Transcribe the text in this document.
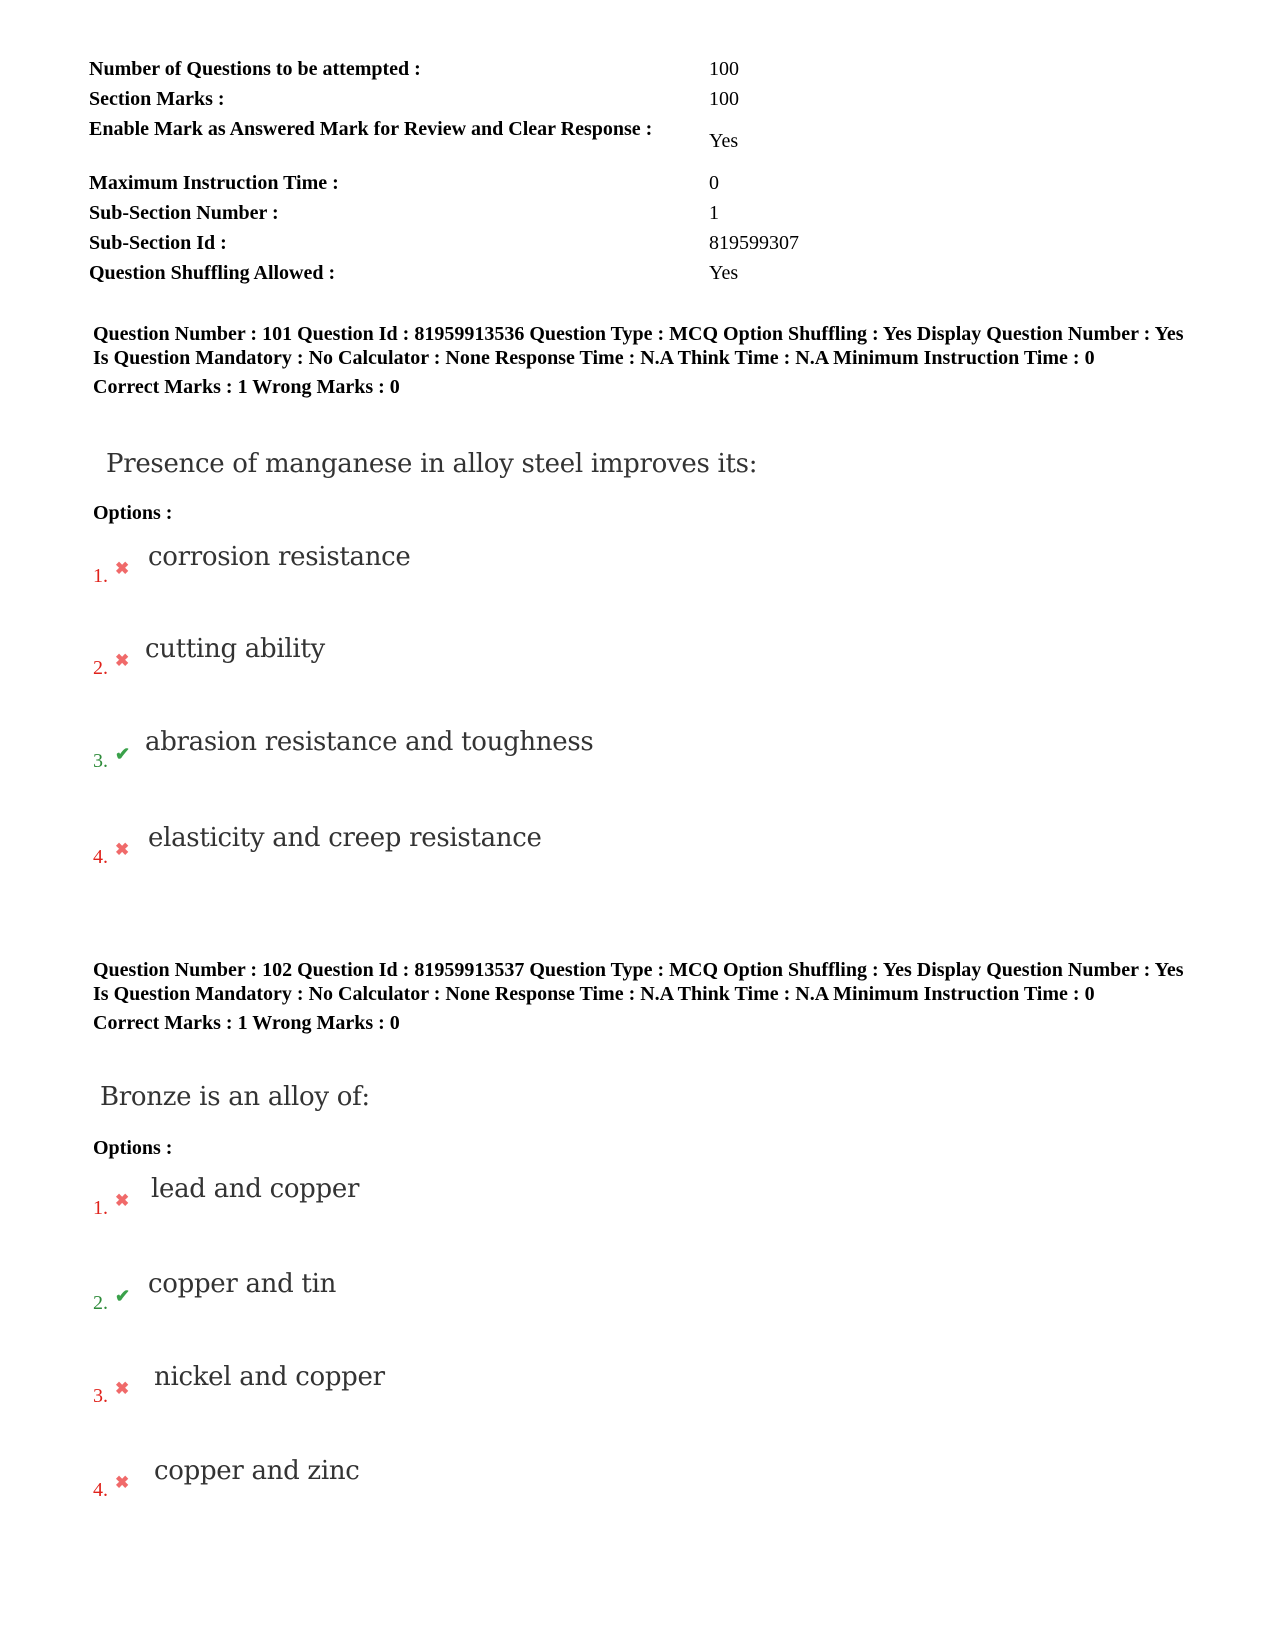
Number of Questions to be attempted :	100
Section Marks :	100
Enable Mark as Answered Mark for Review and Clear Response :	Yes
Maximum Instruction Time :	0
Sub-Section Number :	1
Sub-Section Id :	819599307
Question Shuffling Allowed :	Yes

Question Number : 101 Question Id : 81959913536 Question Type : MCQ Option Shuffling : Yes Display Question Number : Yes Is Question Mandatory : No Calculator : None Response Time : N.A Think Time : N.A Minimum Instruction Time : 0

Correct Marks : 1 Wrong Marks : 0
Presence of manganese in alloy steel improves its:
Options :
1. ✖ corrosion resistance
2. ✖ cutting ability
3. ✔ abrasion resistance and toughness
4. ✖ elasticity and creep resistance

Question Number : 102 Question Id : 81959913537 Question Type : MCQ Option Shuffling : Yes Display Question Number : Yes Is Question Mandatory : No Calculator : None Response Time : N.A Think Time : N.A Minimum Instruction Time : 0

Correct Marks : 1 Wrong Marks : 0
Bronze is an alloy of:
Options :
1. ✖ lead and copper
2. ✔ copper and tin
3. ✖ nickel and copper
4. ✖ copper and zinc
